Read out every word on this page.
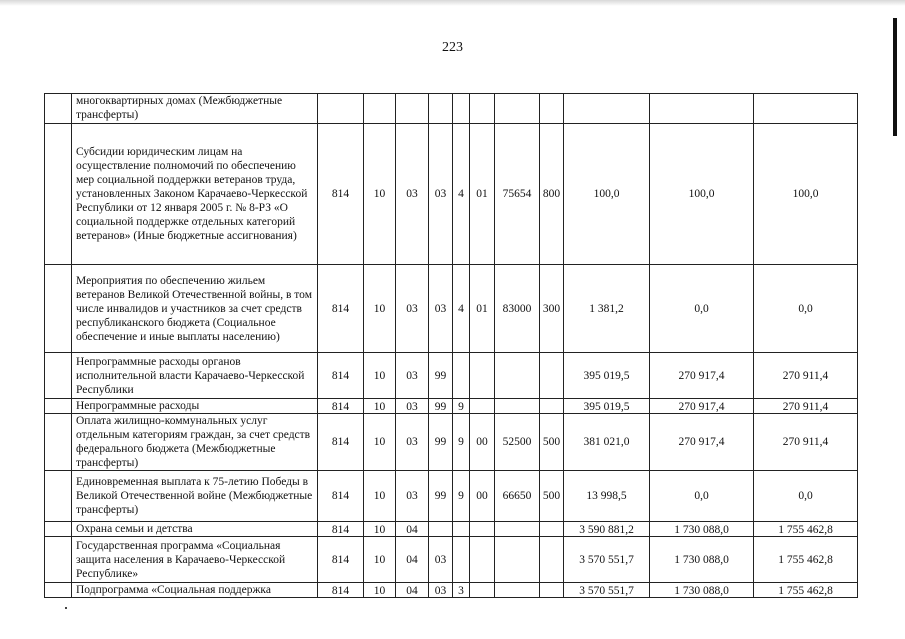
223
	многоквартирных домах (Межбюджетные трансферты)											
	Субсидии юридическим лицам на осуществление полномочий по обеспечению мер социальной поддержки ветеранов труда, установленных Законом Карачаево-Черкесской Республики от 12 января 2005 г. № 8-РЗ «О социальной поддержке отдельных категорий ветеранов» (Иные бюджетные ассигнования)	814	10	03	03	4	01	75654	800	100,0	100,0	100,0
	Мероприятия по обеспечению жильем ветеранов Великой Отечественной войны, в том числе инвалидов и участников за счет средств республиканского бюджета (Социальное обеспечение и иные выплаты населению)	814	10	03	03	4	01	83000	300	1 381,2	0,0	0,0
	Непрограммные расходы органов исполнительной власти Карачаево-Черкесской Республики	814	10	03	99					395 019,5	270 917,4	270 911,4
	Непрограммные расходы	814	10	03	99	9				395 019,5	270 917,4	270 911,4
	Оплата жилищно-коммунальных услуг отдельным категориям граждан, за счет средств федерального бюджета (Межбюджетные трансферты)	814	10	03	99	9	00	52500	500	381 021,0	270 917,4	270 911,4
	Единовременная выплата к 75-летию Победы в Великой Отечественной войне (Межбюджетные трансферты)	814	10	03	99	9	00	66650	500	13 998,5	0,0	0,0
	Охрана семьи и детства	814	10	04						3 590 881,2	1 730 088,0	1 755 462,8
	Государственная программа «Социальная защита населения в Карачаево-Черкесской Республике»	814	10	04	03					3 570 551,7	1 730 088,0	1 755 462,8
	Подпрограмма «Социальная поддержка	814	10	04	03	3				3 570 551,7	1 730 088,0	1 755 462,8
